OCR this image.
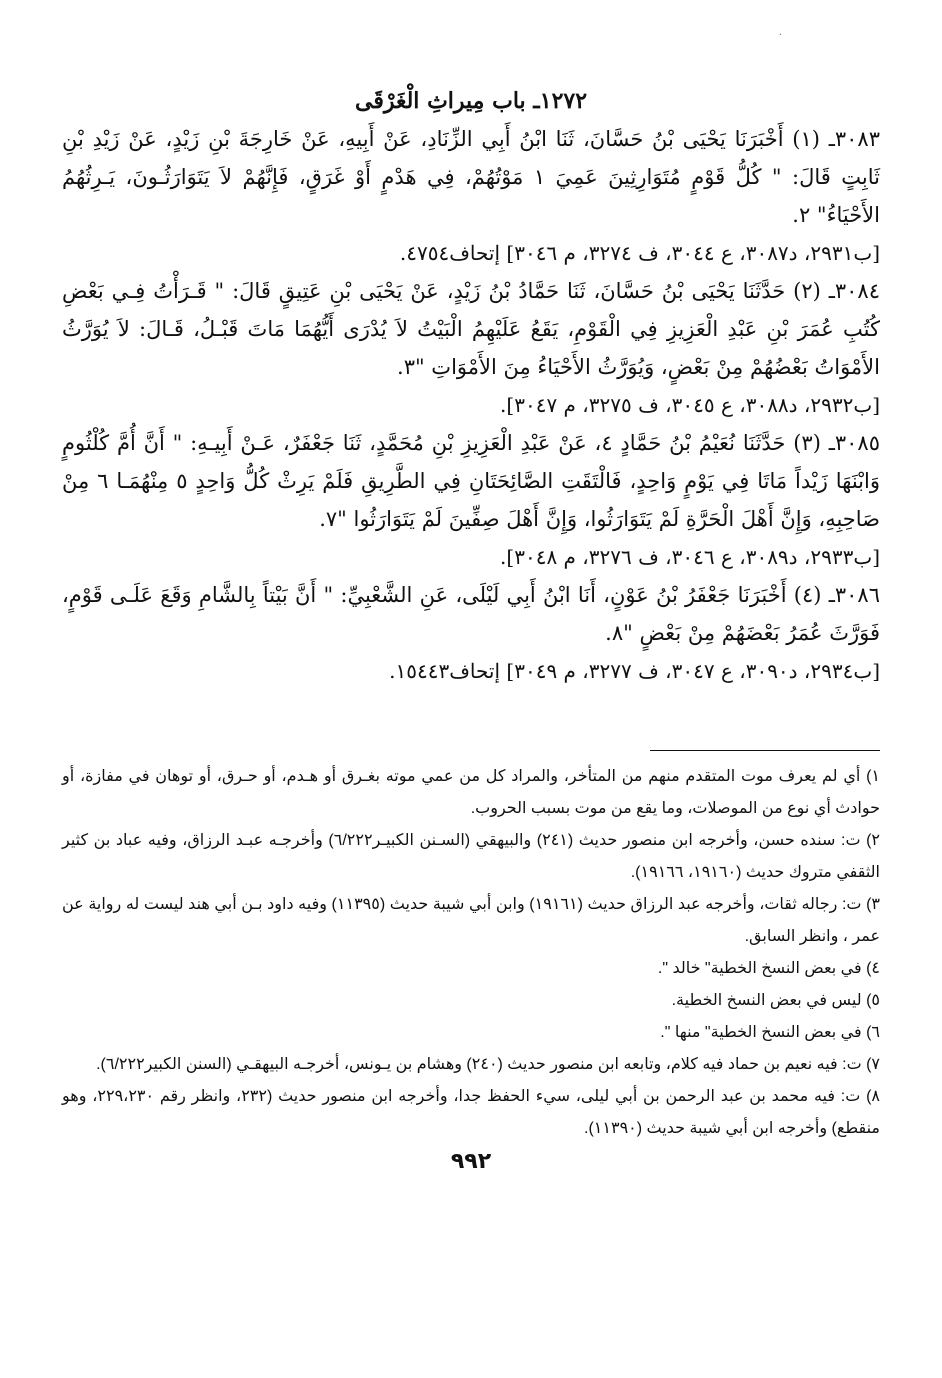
·
١٢٧٢ـ باب مِيراثِ الْغَرْقَى

٣٠٨٣ـ (١) أَخْبَرَنَا يَحْيَى بْنُ حَسَّانَ، ثَنَا ابْنُ أَبِي الزِّنَادِ، عَنْ أَبِيهِ، عَنْ خَارِجَةَ بْنِ زَيْدٍ، عَنْ زَيْدِ بْنِ ثَابِتٍ قَالَ: " كُلُّ قَوْمٍ مُتَوَارِثِينَ عَمِيَ ١ مَوْتُهُمْ، فِي هَدْمٍ أَوْ غَرَقٍ، فَإِنَّهُمْ لاَ يَتَوَارَثُـونَ، يَـرِثُهُمُ الأَحْيَاءُ" ٢.

[ب٢٩٣١، د٣٠٨٧، ع ٣٠٤٤، ف ٣٢٧٤، م ٣٠٤٦] إتحاف٤٧٥٤.

٣٠٨٤ـ (٢) حَدَّثَنَا يَحْيَى بْنُ حَسَّانَ، ثَنَا حَمَّادُ بْنُ زَيْدٍ، عَنْ يَحْيَى بْنِ عَتِيقٍ قَالَ: " قَـرَأْتُ فِـي بَعْضِ كُتُبِ عُمَرَ بْنِ عَبْدِ الْعَزِيزِ فِي الْقَوْمِ، يَقَعُ عَلَيْهِمُ الْبَيْتُ لاَ يُدْرَى أَيُّهُمَا مَاتَ قَبْـلُ، قَـالَ: لاَ يُوَرَّثُ الأَمْوَاتُ بَعْضُهُمْ مِنْ بَعْضٍ، وَيُوَرَّثُ الأَحْيَاءُ مِنَ الأَمْوَاتِ "٣.

[ب٢٩٣٢، د٣٠٨٨، ع ٣٠٤٥، ف ٣٢٧٥، م ٣٠٤٧].

٣٠٨٥ـ (٣) حَدَّثَنَا نُعَيْمُ بْنُ حَمَّادٍ ٤، عَنْ عَبْدِ الْعَزِيزِ بْنِ مُحَمَّدٍ، ثَنَا جَعْفَرٌ، عَـنْ أَبِيـهِ: " أَنَّ أُمَّ كُلْثُومٍ وَابْنَهَا زَيْداً مَاتَا فِي يَوْمٍ وَاحِدٍ، فَالْتَقَتِ الصَّائِحَتَانِ فِي الطَّرِيقِ فَلَمْ يَرِثْ كُلُّ وَاحِدٍ ٥ مِنْهُمَـا ٦ مِنْ صَاحِبِهِ، وَإِنَّ أَهْلَ الْحَرَّةِ لَمْ يَتَوَارَثُوا، وَإِنَّ أَهْلَ صِفِّينَ لَمْ يَتَوَارَثُوا "٧.

[ب٢٩٣٣، د٣٠٨٩، ع ٣٠٤٦، ف ٣٢٧٦، م ٣٠٤٨].

٣٠٨٦ـ (٤) أَخْبَرَنَا جَعْفَرُ بْنُ عَوْنٍ، أَنَا ابْنُ أَبِي لَيْلَى، عَنِ الشَّعْبِيِّ: " أَنَّ بَيْتاً بِالشَّامِ وَقَعَ عَلَـى قَوْمٍ، فَوَرَّثَ عُمَرُ بَعْضَهُمْ مِنْ بَعْضٍ "٨.

[ب٢٩٣٤، د٣٠٩٠، ع ٣٠٤٧، ف ٣٢٧٧، م ٣٠٤٩] إتحاف١٥٤٤٣.

١) أي لم يعرف موت المتقدم منهم من المتأخر، والمراد كل من عمي موته بغـرق أو هـدم، أو حـرق، أو توهان في مفازة، أو حوادث أي نوع من الموصلات، وما يقع من موت بسبب الحروب.

٢) ت: سنده حسن، وأخرجه ابن منصور حديث (٢٤١) والبيهقي (السـنن الكبيـر٦/٢٢٢) وأخرجـه عبـد الرزاق، وفيه عباد بن كثير الثقفي متروك حديث (١٩١٦٠، ١٩١٦٦).

٣) ت: رجاله ثقات، وأخرجه عبد الرزاق حديث (١٩١٦١) وابن أبي شيبة حديث (١١٣٩٥) وفيه داود بـن أبي هند ليست له رواية عن عمر ، وانظر السابق.

٤) في بعض النسخ الخطية" خالد ".

٥) ليس في بعض النسخ الخطية.

٦) في بعض النسخ الخطية" منها ".

٧) ت: فيه نعيم بن حماد فيه كلام، وتابعه ابن منصور حديث (٢٤٠) وهشام بن يـونس، أخرجـه البيهقـي (السنن الكبير٦/٢٢٢).

٨) ت: فيه محمد بن عبد الرحمن بن أبي ليلى، سيء الحفظ جدا، وأخرجه ابن منصور حديث (٢٣٢، وانظر رقم ٢٢٩،٢٣٠، وهو منقطع) وأخرجه ابن أبي شيبة حديث (١١٣٩٠).

٩٩٢
